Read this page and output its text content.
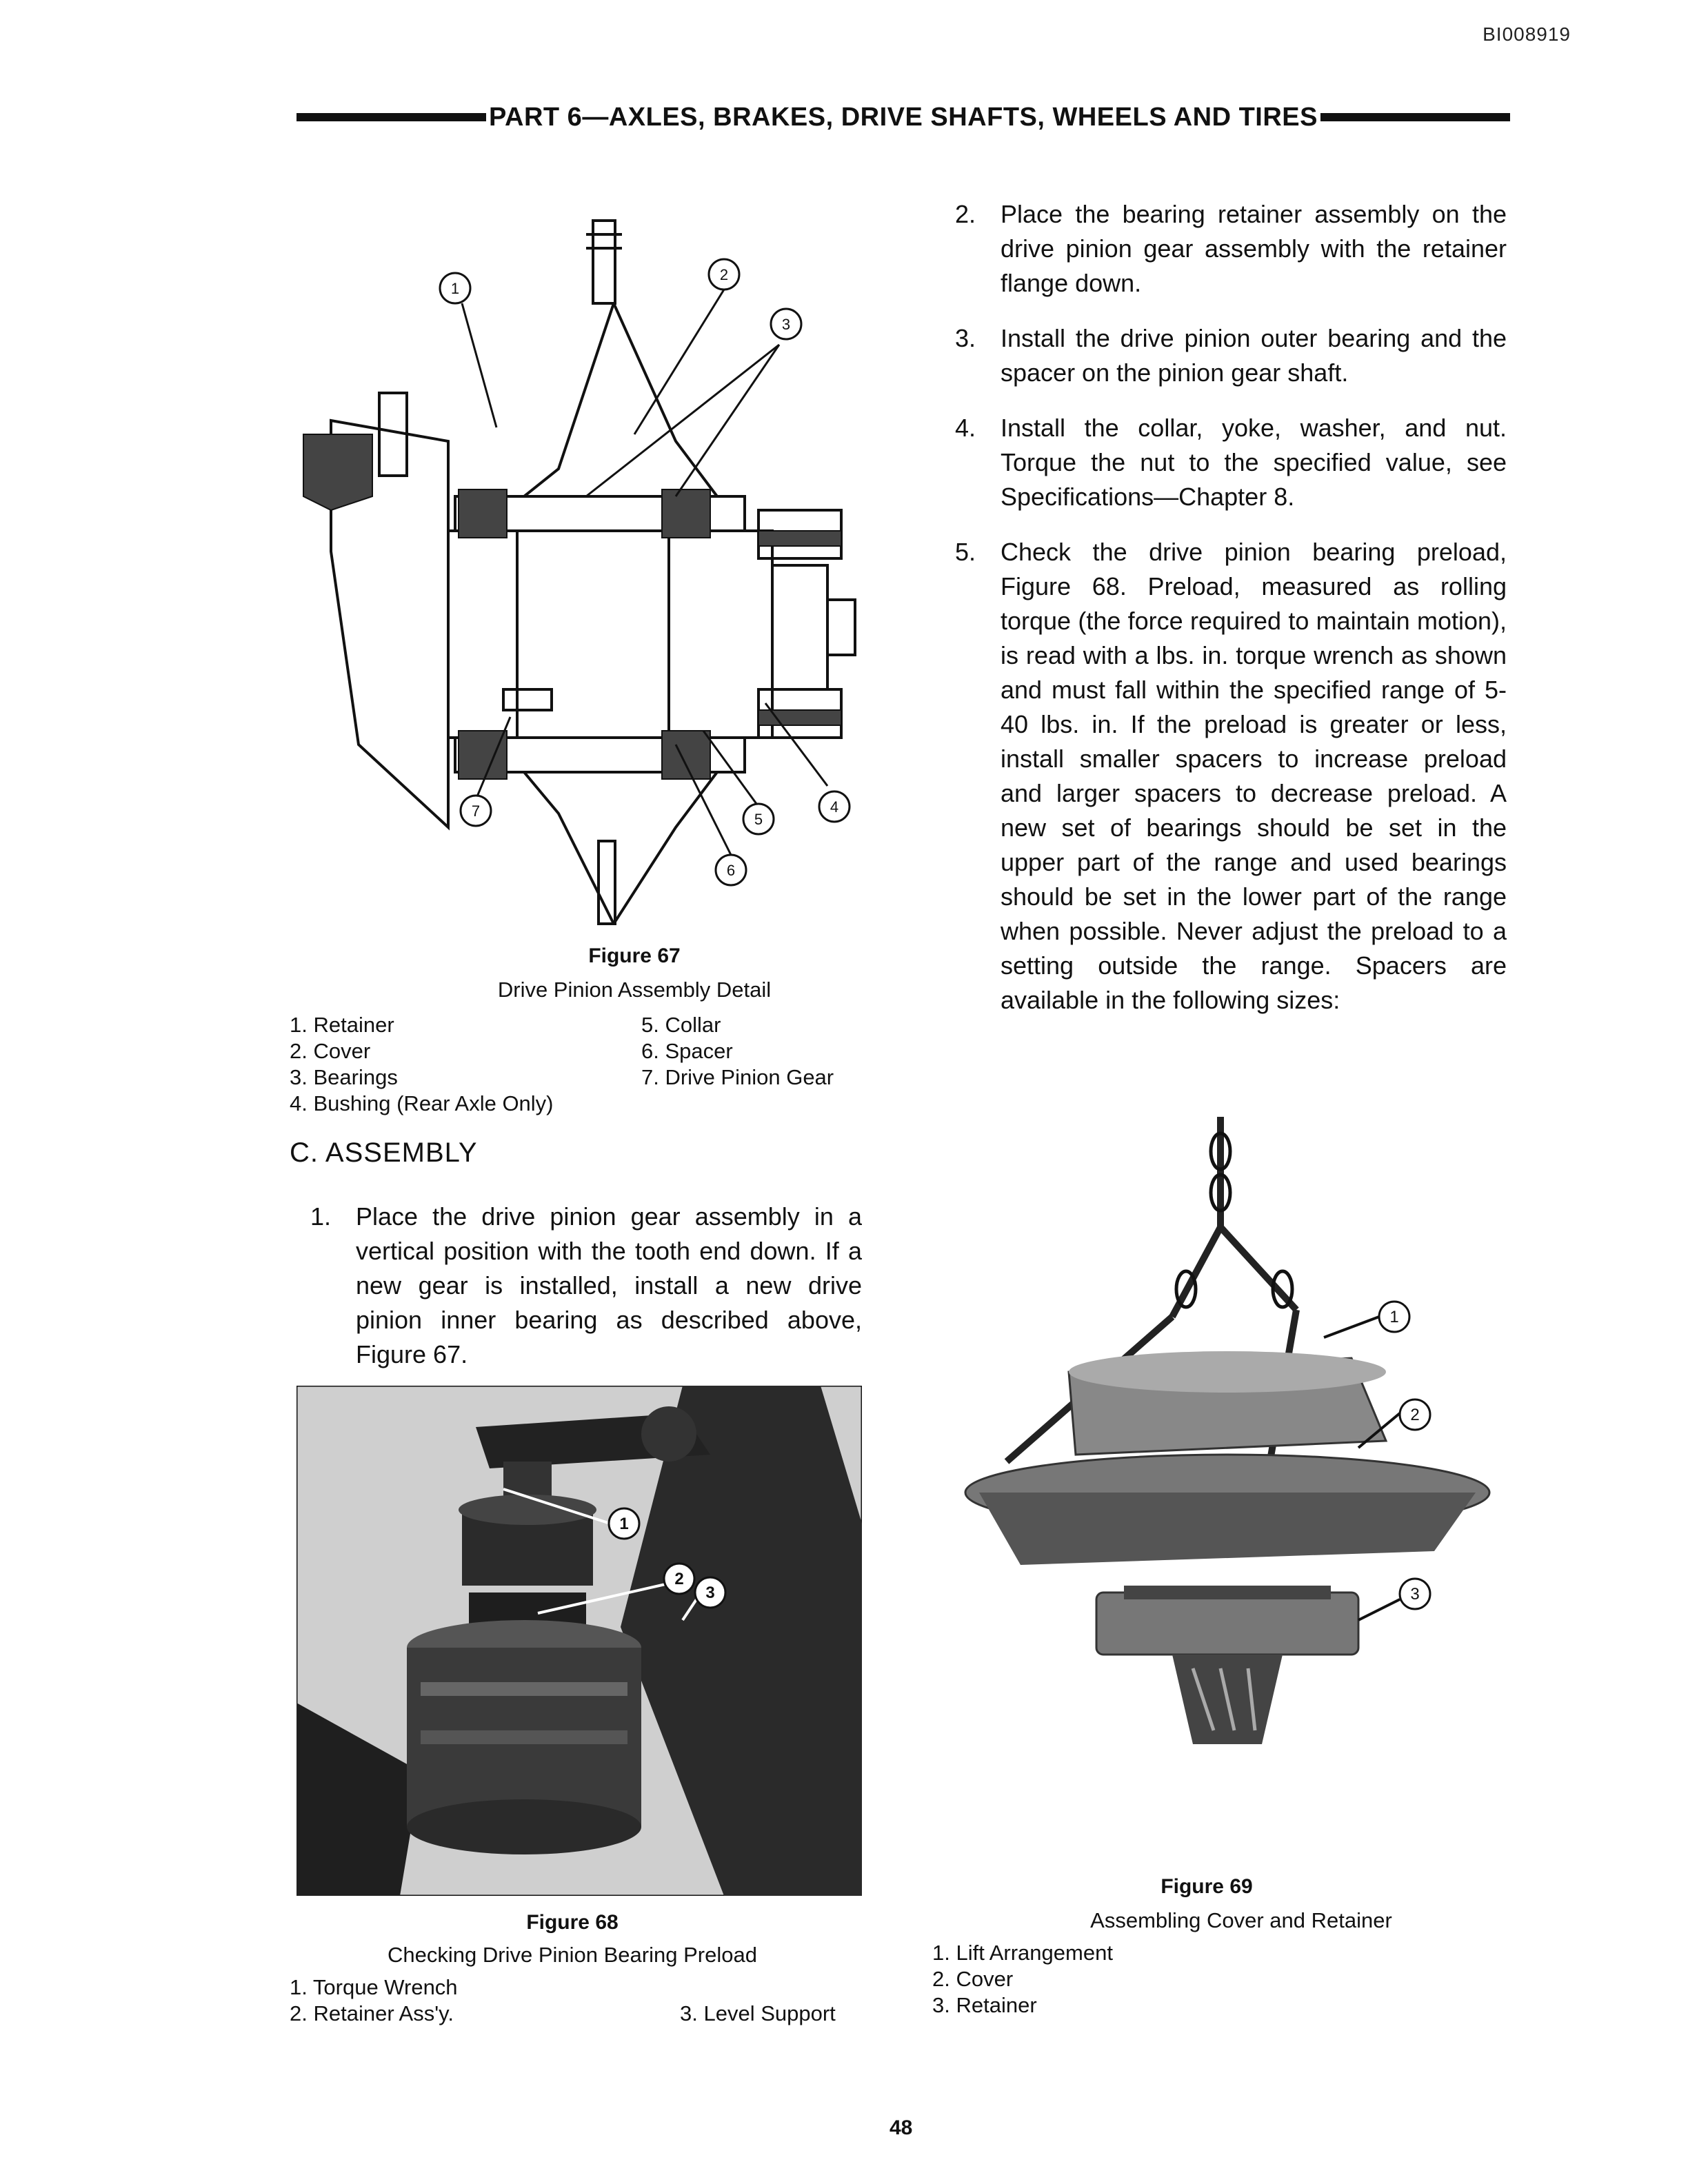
BI008919
PART 6—AXLES, BRAKES, DRIVE SHAFTS, WHEELS AND TIRES
1
2
3
4
5
6
7
Figure 67
Drive Pinion Assembly Detail
1. Retainer
2. Cover
3. Bearings
4. Bushing (Rear Axle Only)
5. Collar
6. Spacer
7. Drive Pinion Gear
C. ASSEMBLY
1. Place the drive pinion gear assembly in a vertical position with the tooth end down. If a new gear is installed, install a new drive pinion inner bearing as described above, Figure 67.
1
2
3
Figure 68
Checking Drive Pinion Bearing Preload
1. Torque Wrench
2. Retainer Ass'y.	3. Level Support
2. Place the bearing retainer assembly on the drive pinion gear assembly with the retainer flange down.
3. Install the drive pinion outer bearing and the spacer on the pinion gear shaft.
4. Install the collar, yoke, washer, and nut. Torque the nut to the specified value, see Specifications—Chapter 8.
5. Check the drive pinion bearing preload, Figure 68. Preload, measured as rolling torque (the force required to maintain motion), is read with a lbs. in. torque wrench as shown and must fall within the specified range of 5-40 lbs. in. If the preload is greater or less, install smaller spacers to increase preload and larger spacers to decrease preload. A new set of bearings should be set in the upper part of the range and used bearings should be set in the lower part of the range when possible. Never adjust the preload to a setting outside the range. Spacers are available in the following sizes:
1
2
3
Figure 69
Assembling Cover and Retainer
1. Lift Arrangement
2. Cover
3. Retainer
48
